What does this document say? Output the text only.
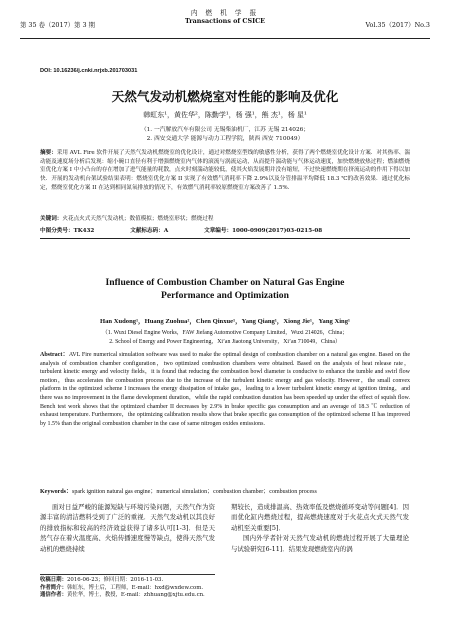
第 35 卷（2017）第 3 期
内 燃 机 学 报
Transactions of CSICE
Vol.35（2017）No.3
DOI: 10.16236/j.cnki.nrjxb.201703031
天然气发动机燃烧室对性能的影响及优化
韩虹东¹，黄佐华²，陈勤学¹，杨 强¹，熊 杰¹，杨 星¹
（1. 一汽解放汽车有限公司 无锡柴油机厂，江苏 无锡 214026；
2. 西安交通大学 能源与动力工程学院，陕西 西安 710049）
摘要：采用 AVL Fire 软件开展了天然气发动机燃烧室的优化设计，通过对燃烧室型线的敏感性分析，获得了两个燃烧室优化设计方案．对其热率、湍动能及速度场分析后发现：缩小碗口直径有利于增强燃烧室内气体的滚流与涡流运动，从而提升湍动能与气体运动速度，加快燃烧放热过程；燃油燃烧室优化方案 I 中小凸台的存在增加了进气能量的耗散，点火时刻湍动能较低，使其火焰发展期并没有缩短，不过快速燃烧期在挤流运动的作用下得以加快．开展的发动机台架试验结果表明：燃烧室优化方案 II 实现了有效燃气消耗率下降 2.9%以及分管排温平均降低 18.3 ℃的改善效果．通过优化标定，燃烧室优化方案 II 在达到相同氮氧排放的情况下，有效燃气消耗率较原燃烧室方案改善了 1.5%.
关键词：火花点火式天然气发动机；数值模拟；燃烧室形状；燃烧过程
中图分类号：TK432	文献标志码：A	文章编号：1000-0909(2017)03-0215-08
Influence of Combustion Chamber on Natural Gas Engine
Performance and Optimization
Han Xudong¹，Huang Zuohua²，Chen Qinxue¹，Yang Qiang¹，Xiong Jie¹，Yang Xing¹
（1. Wuxi Diesel Engine Works，FAW Jiefang Automotive Company Limited，Wuxi 214026，China；
2. School of Energy and Power Engineering，Xi’an Jiaotong University，Xi’an 710049，China）
Abstract：AVL Fire numerical simulation software was used to make the optimal design of combustion chamber on a natural gas engine. Based on the analysis of combustion chamber configuration，two optimized combustion chambers were obtained. Based on the analysis of heat release rate，turbulent kinetic energy and velocity fields，it is found that reducing the combustion bowl diameter is conducive to enhance the tumble and swirl flow motion，thus accelerates the combustion process due to the increase of the turbulent kinetic energy and gas velocity. However，the small convex platform in the optimized scheme I increases the energy dissipation of intake gas，leading to a lower turbulent kinetic energy at ignition timing，and there was no improvement in the flame development duration，while the rapid combustion duration has been speeded up under the effect of squish flow. Bench test work shows that the optimized chamber II decreases by 2.9% in brake specific gas consumption and an average of 18.3 ℃ reduction of exhaust temperature. Furthermore，the optimizing calibration results show that brake specific gas consumption of the optimized scheme II has improved by 1.5% than the original combustion chamber in the case of same nitrogen oxides emissions.
Keywords：spark ignition natural gas engine；numerical simulation；combustion chamber；combustion process
面对日益严峻的能源短缺与环境污染问题，天然气作为资源丰富的清洁燃料受到了广泛的重视．天然气发动机以其良好的排放指标和较高的经济效益获得了诸多认可[1-3]．但是天然气存在着火温度高、火焰传播速度慢等缺点，使得天然气发动机的燃烧持续
期较长，造成排温高、热效率低及燃烧循环变动等问题[4]．因而优化缸内燃烧过程，提高燃烧速度对于火花点火式天然气发动机至关重要[5]．
国内外学者针对天然气发动机的燃烧过程开展了大量理论与试验研究[6-11]．结果发现燃烧室内的涡
收稿日期：2016-06-23；修回日期：2016-11-03.
作者简介：韩虹东，博士后，工程师，E-mail：hxd@wxdew.com.
通信作者：黄佐华，博士，教授，E-mail：zhhuang@xjtu.edu.cn.
